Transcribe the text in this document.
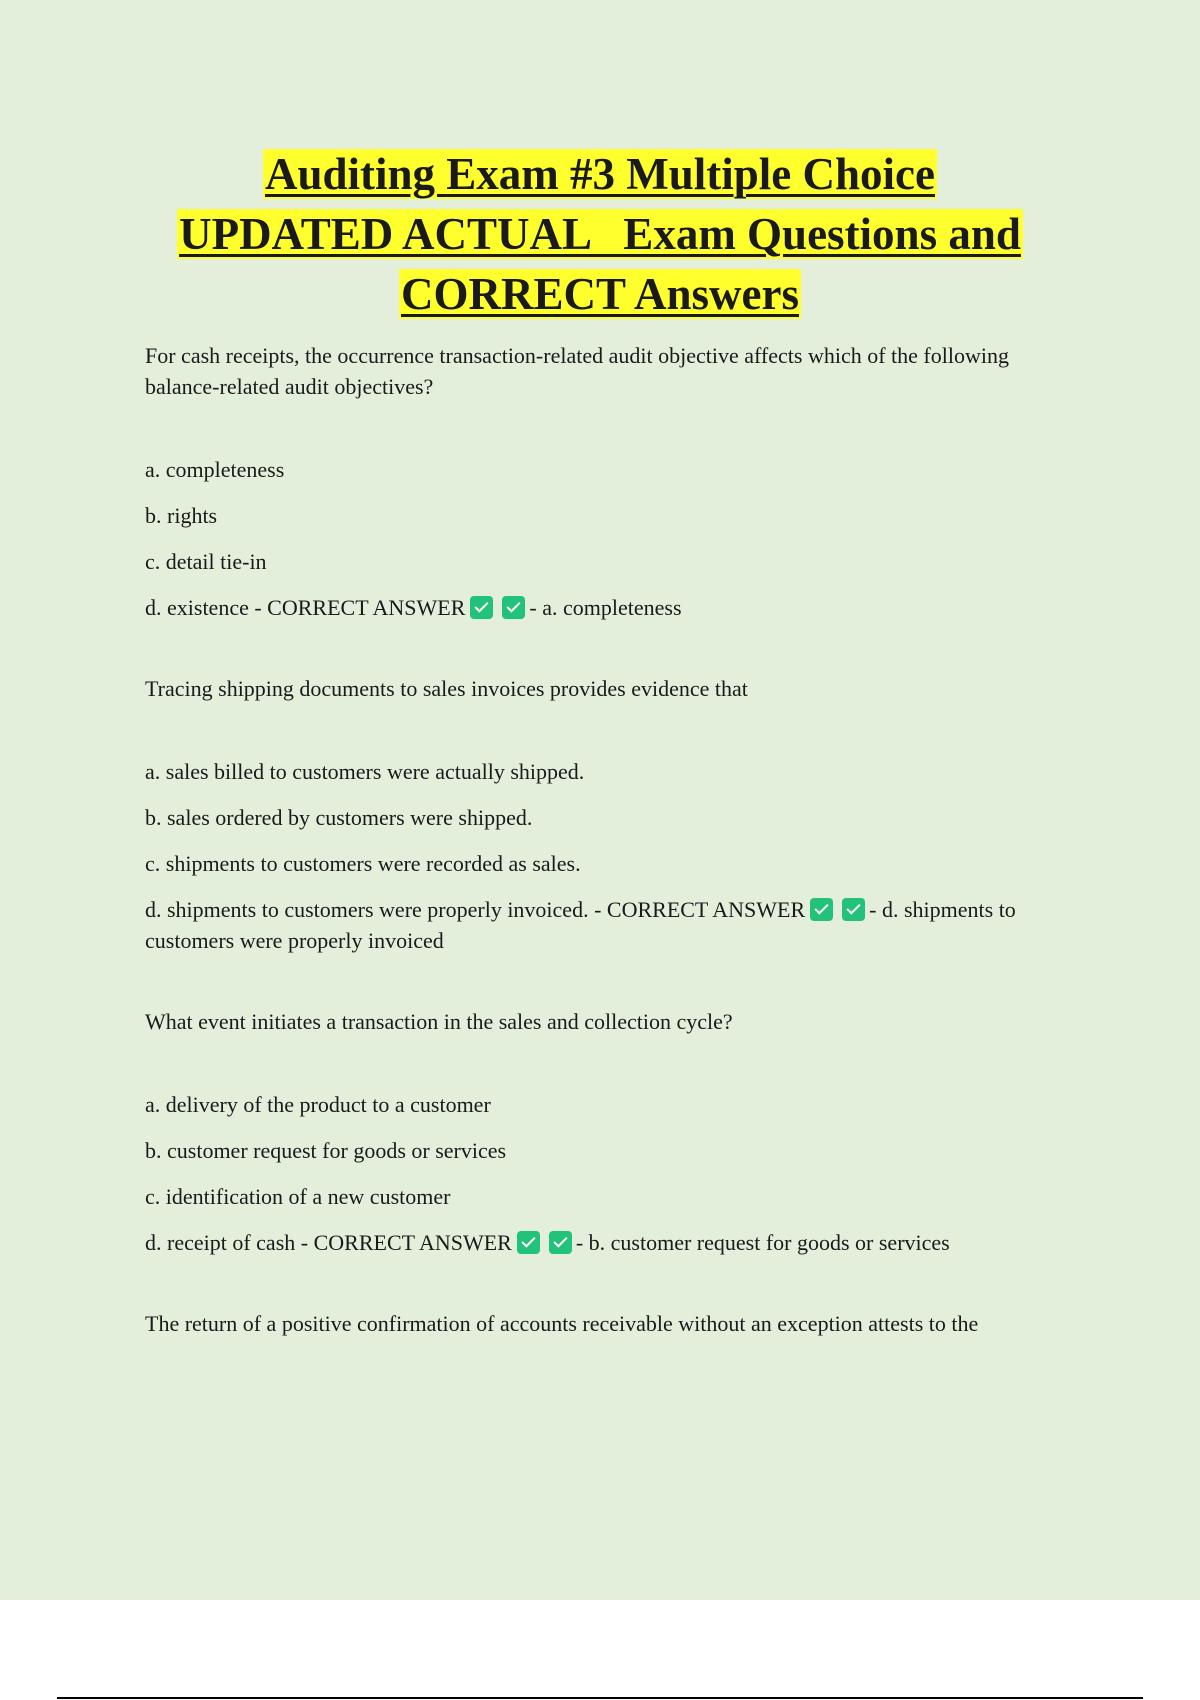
Auditing Exam #3 Multiple Choice
UPDATED ACTUAL   Exam Questions and
CORRECT Answers

For cash receipts, the occurrence transaction-related audit objective affects which of the following balance-related audit objectives?

a. completeness

b. rights

c. detail tie-in

d. existence - CORRECT ANSWER	- a. completeness

Tracing shipping documents to sales invoices provides evidence that

a. sales billed to customers were actually shipped.

b. sales ordered by customers were shipped.

c. shipments to customers were recorded as sales.

d. shipments to customers were properly invoiced. - CORRECT ANSWER	- d. shipments to customers were properly invoiced

What event initiates a transaction in the sales and collection cycle?

a. delivery of the product to a customer

b. customer request for goods or services

c. identification of a new customer

d. receipt of cash - CORRECT ANSWER	- b. customer request for goods or services

The return of a positive confirmation of accounts receivable without an exception attests to the
